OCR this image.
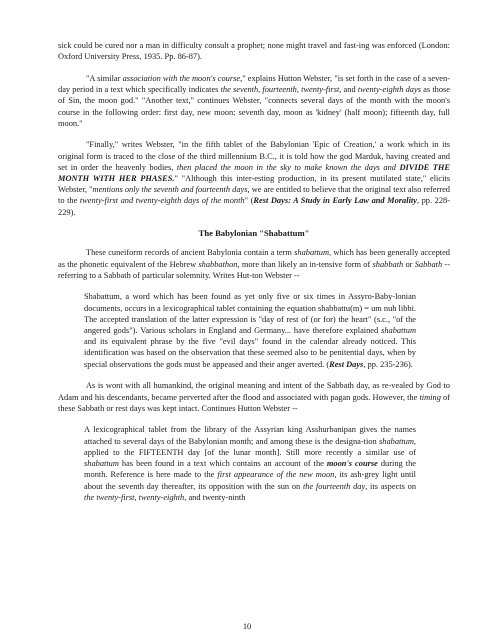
sick could be cured nor a man in difficulty consult a prophet; none might travel and fast-ing was enforced (London: Oxford University Press, 1935. Pp. 86-87).

"A similar association with the moon's course," explains Hutton Webster, "is set forth in the case of a seven-day period in a text which specifically indicates the seventh, fourteenth, twenty-first, and twenty-eighth days as those of Sin, the moon god." "Another text," continues Webster, "connects several days of the month with the moon's course in the following order: first day, new moon; seventh day, moon as 'kidney' (half moon); fifteenth day, full moon."

"Finally," writes Webster, "in the fifth tablet of the Babylonian 'Epic of Creation,' a work which in its original form is traced to the close of the third millennium B.C., it is told how the god Marduk, having created and set in order the heavenly bodies, then placed the moon in the sky to make known the days and DIVIDE THE MONTH WITH HER PHASES." "Although this inter-esting production, in its present mutilated state," elicits Webster, "mentions only the seventh and fourteenth days, we are entitled to believe that the original text also referred to the twenty-first and twenty-eighth days of the month" (Rest Days: A Study in Early Law and Morality, pp. 228-229).

The Babylonian "Shabattum"

These cuneiform records of ancient Babylonia contain a term shabattum, which has been generally accepted as the phonetic equivalent of the Hebrew shabbathon, more than likely an in-tensive form of shabbath or Sabbath -- referring to a Sabbath of particular solemnity. Writes Hut-ton Webster --

Shabattum, a word which has been found as yet only five or six times in Assyro-Baby-lonian documents, occurs in a lexicographical tablet containing the equation shabbattu(m) = um nuh libbi. The accepted translation of the latter expression is "day of rest of (or for) the heart" (s.c., "of the angered gods"). Various scholars in England and Germany... have therefore explained shabattum and its equivalent phrase by the five "evil days" found in the calendar already noticed. This identification was based on the observation that these seemed also to be penitential days, when by special observations the gods must be appeased and their anger averted. (Rest Days, pp. 235-236).

As is wont with all humankind, the original meaning and intent of the Sabbath day, as re-vealed by God to Adam and his descendants, became perverted after the flood and associated with pagan gods. However, the timing of these Sabbath or rest days was kept intact. Continues Hutton Webster --

A lexicographical tablet from the library of the Assyrian king Asshurbanipan gives the names attached to several days of the Babylonian month; and among these is the designa-tion shabattum, applied to the FIFTEENTH day [of the lunar month]. Still more recently a similar use of shabattum has been found in a text which contains an account of the moon's course during the month. Reference is here made to the first appearance of the new moon, its ash-grey light until about the seventh day thereafter, its opposition with the sun on the fourteenth day, its aspects on the twenty-first, twenty-eighth, and twenty-ninth

10
